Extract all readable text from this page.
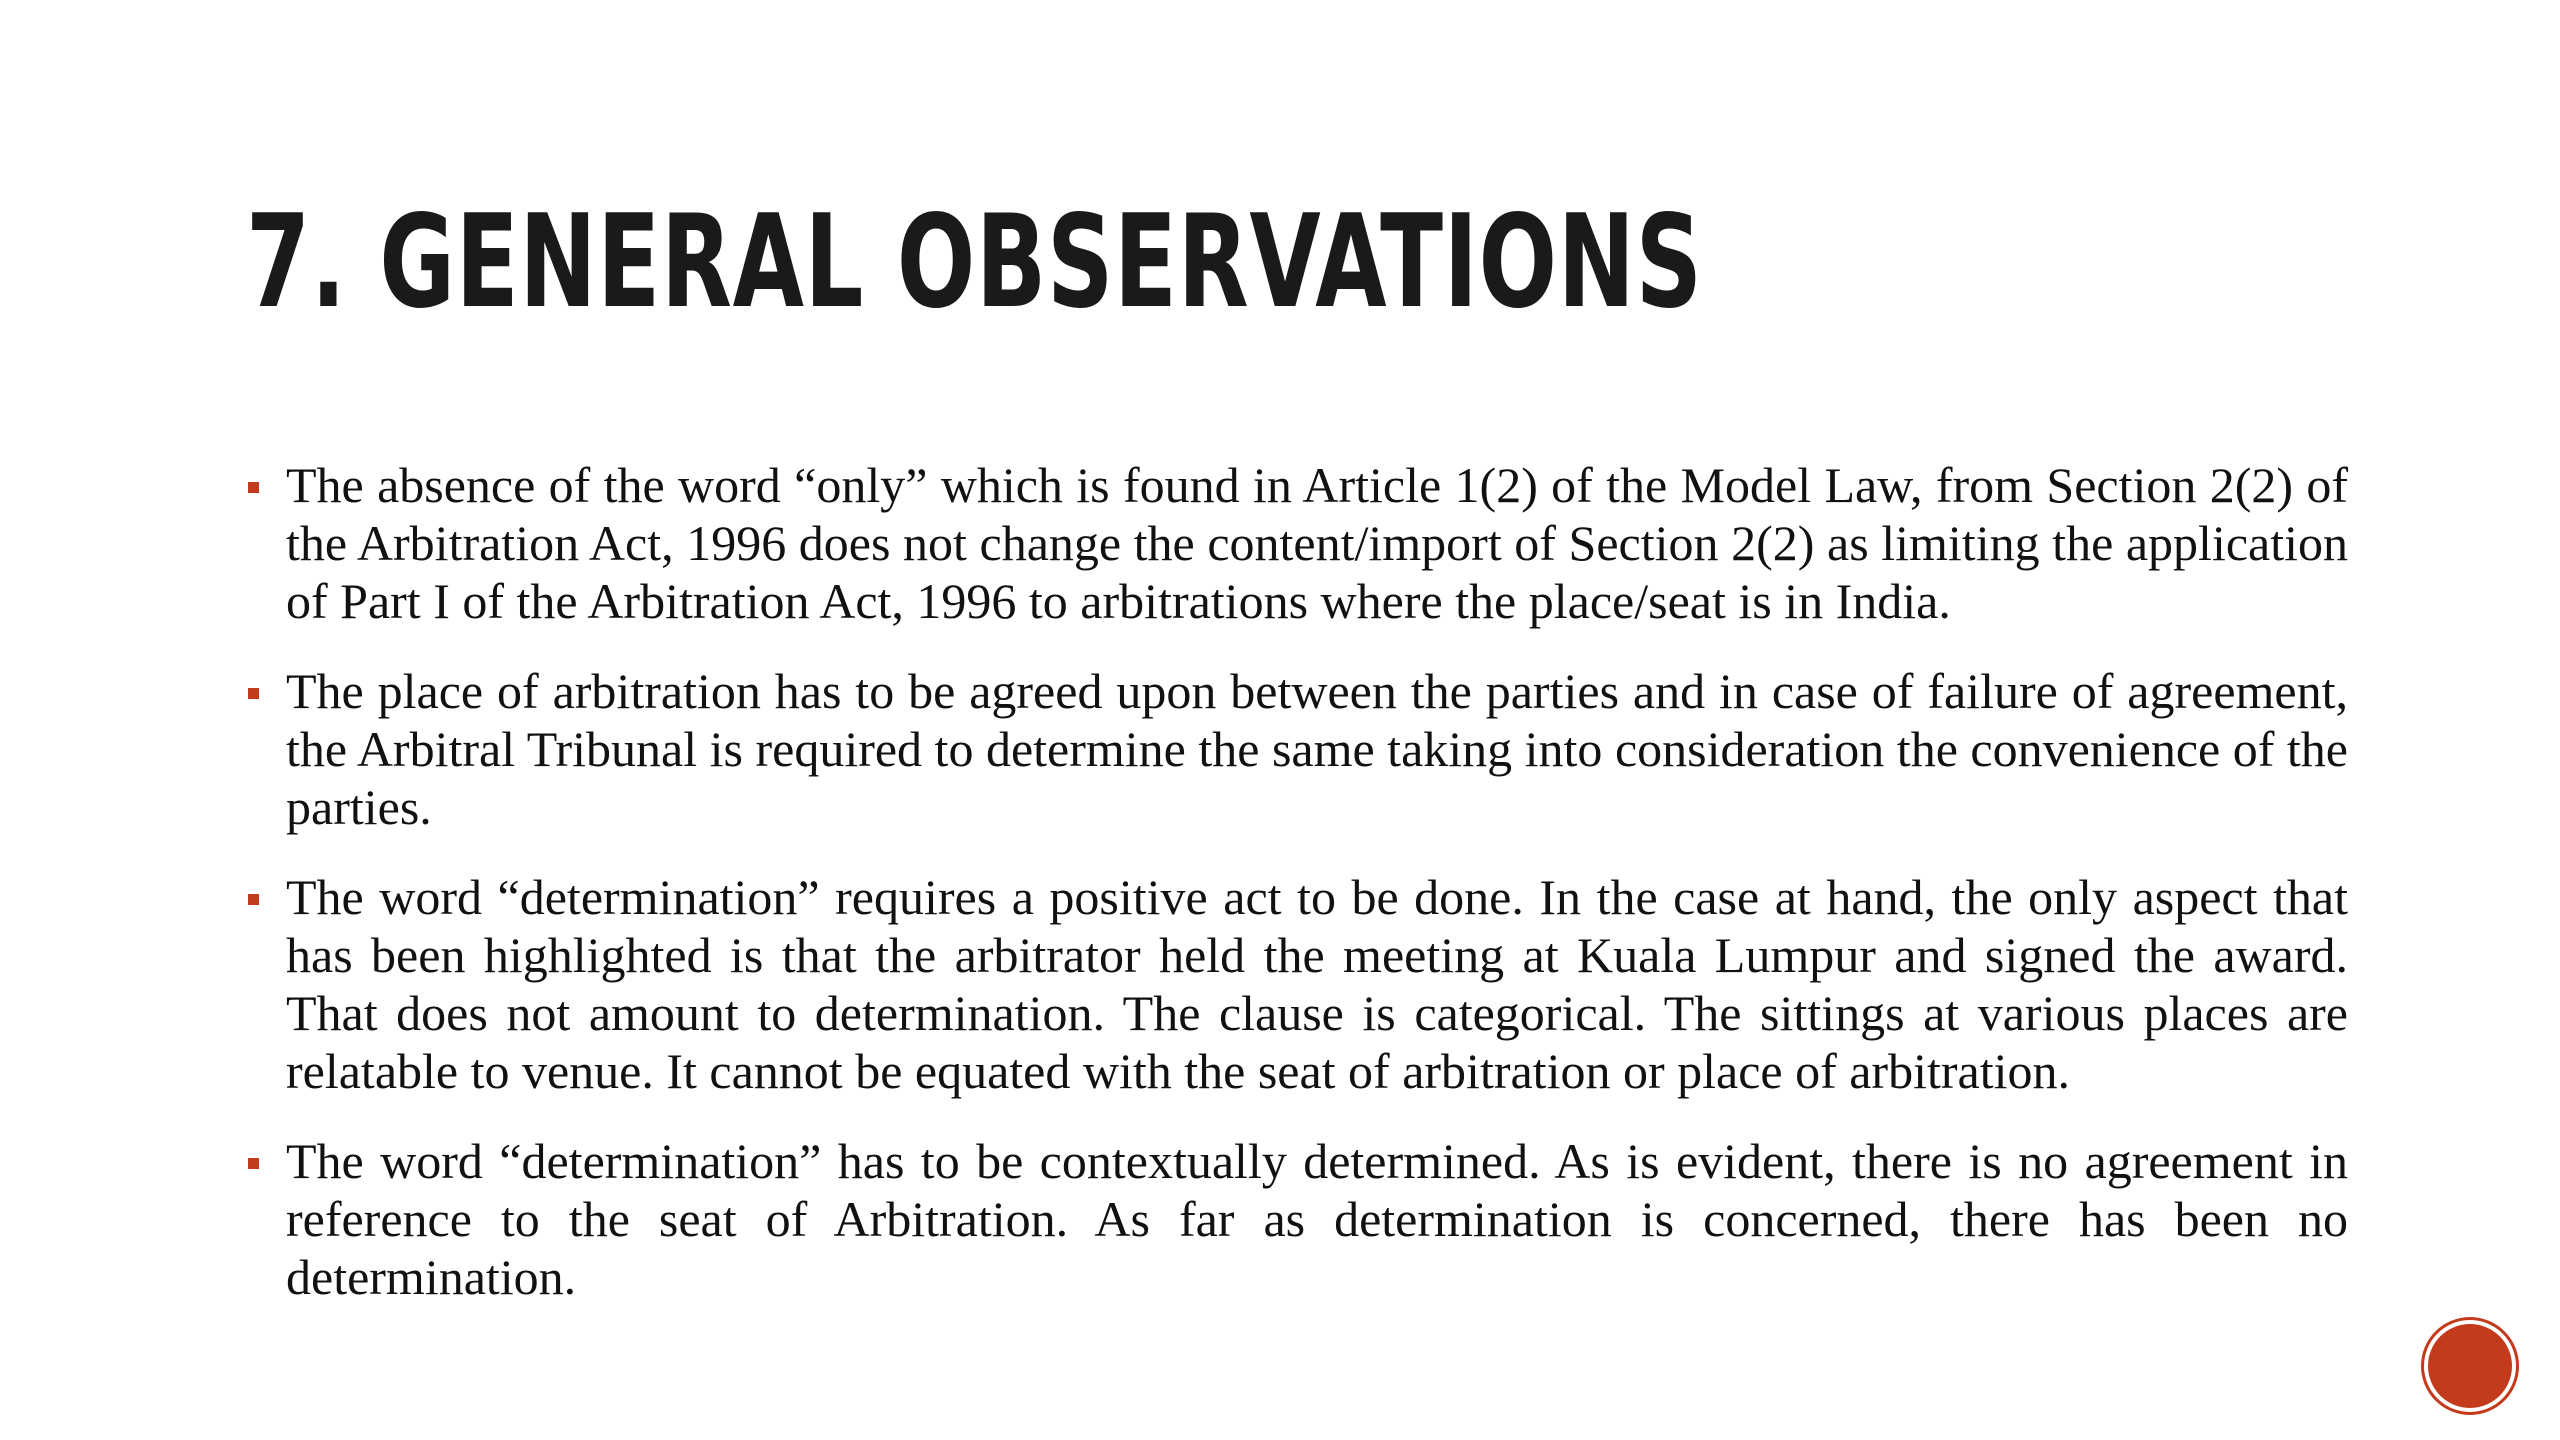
7. GENERAL OBSERVATIONS
The absence of the word “only” which is found in Article 1(2) of the Model Law, from Section 2(2) of the Arbitration Act, 1996 does not change the content/import of Section 2(2) as limiting the application of Part I of the Arbitration Act, 1996 to arbitrations where the place/seat is in India.
The place of arbitration has to be agreed upon between the parties and in case of failure of agreement, the Arbitral Tribunal is required to determine the same taking into consideration the convenience of the parties.
The word “determination” requires a positive act to be done. In the case at hand, the only aspect that has been highlighted is that the arbitrator held the meeting at Kuala Lumpur and signed the award. That does not amount to determination. The clause is categorical. The sittings at various places are relatable to venue. It cannot be equated with the seat of arbitration or place of arbitration.
The word “determination” has to be contextually determined. As is evident, there is no agreement in reference to the seat of Arbitration. As far as determination is concerned, there has been no determination.
